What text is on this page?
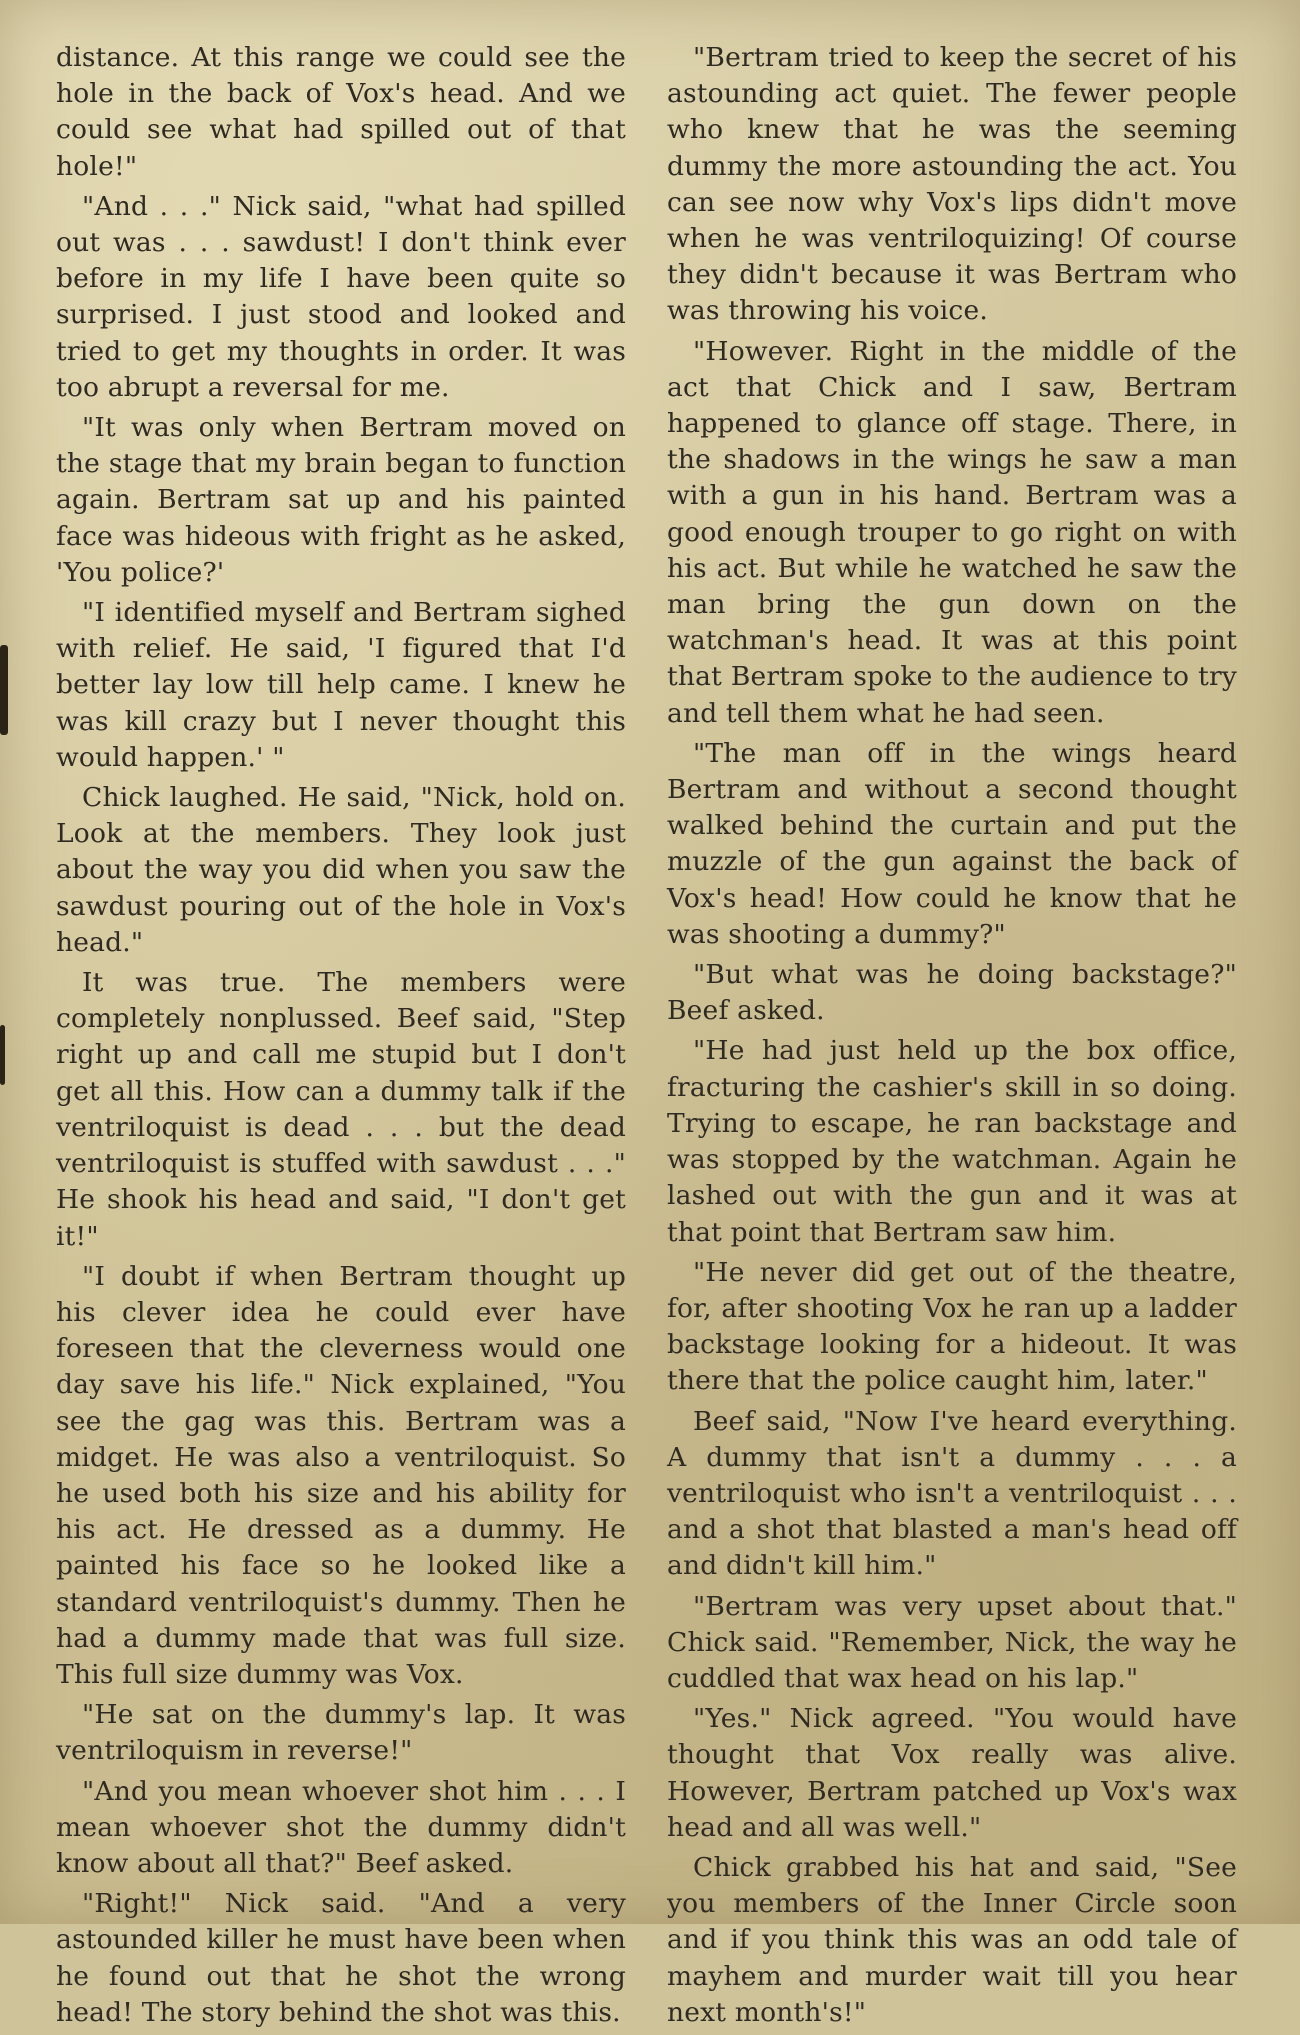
distance. At this range we could see the hole in the back of Vox's head. And we could see what had spilled out of that hole!"

"And . . ." Nick said, "what had spilled out was . . . sawdust! I don't think ever before in my life I have been quite so surprised. I just stood and looked and tried to get my thoughts in order. It was too abrupt a reversal for me.

"It was only when Bertram moved on the stage that my brain began to function again. Bertram sat up and his painted face was hideous with fright as he asked, 'You police?'

"I identified myself and Bertram sighed with relief. He said, 'I figured that I'd better lay low till help came. I knew he was kill crazy but I never thought this would happen.' "

Chick laughed. He said, "Nick, hold on. Look at the members. They look just about the way you did when you saw the sawdust pouring out of the hole in Vox's head."

It was true. The members were completely nonplussed. Beef said, "Step right up and call me stupid but I don't get all this. How can a dummy talk if the ventriloquist is dead . . . but the dead ventriloquist is stuffed with sawdust . . ." He shook his head and said, "I don't get it!"

"I doubt if when Bertram thought up his clever idea he could ever have foreseen that the cleverness would one day save his life." Nick explained, "You see the gag was this. Bertram was a midget. He was also a ventriloquist. So he used both his size and his ability for his act. He dressed as a dummy. He painted his face so he looked like a standard ventriloquist's dummy. Then he had a dummy made that was full size. This full size dummy was Vox.

"He sat on the dummy's lap. It was ventriloquism in reverse!"

"And you mean whoever shot him . . . I mean whoever shot the dummy didn't know about all that?" Beef asked.

"Right!" Nick said. "And a very astounded killer he must have been when he found out that he shot the wrong head! The story behind the shot was this.

"Bertram tried to keep the secret of his astounding act quiet. The fewer people who knew that he was the seeming dummy the more astounding the act. You can see now why Vox's lips didn't move when he was ventriloquizing! Of course they didn't because it was Bertram who was throwing his voice.

"However. Right in the middle of the act that Chick and I saw, Bertram happened to glance off stage. There, in the shadows in the wings he saw a man with a gun in his hand. Bertram was a good enough trouper to go right on with his act. But while he watched he saw the man bring the gun down on the watchman's head. It was at this point that Bertram spoke to the audience to try and tell them what he had seen.

"The man off in the wings heard Bertram and without a second thought walked behind the curtain and put the muzzle of the gun against the back of Vox's head! How could he know that he was shooting a dummy?"

"But what was he doing backstage?" Beef asked.

"He had just held up the box office, fracturing the cashier's skill in so doing. Trying to escape, he ran backstage and was stopped by the watchman. Again he lashed out with the gun and it was at that point that Bertram saw him.

"He never did get out of the theatre, for, after shooting Vox he ran up a ladder backstage looking for a hideout. It was there that the police caught him, later."

Beef said, "Now I've heard everything. A dummy that isn't a dummy . . . a ventriloquist who isn't a ventriloquist . . . and a shot that blasted a man's head off and didn't kill him."

"Bertram was very upset about that." Chick said. "Remember, Nick, the way he cuddled that wax head on his lap."

"Yes." Nick agreed. "You would have thought that Vox really was alive. However, Bertram patched up Vox's wax head and all was well."

Chick grabbed his hat and said, "See you members of the Inner Circle soon and if you think this was an odd tale of mayhem and murder wait till you hear next month's!"
